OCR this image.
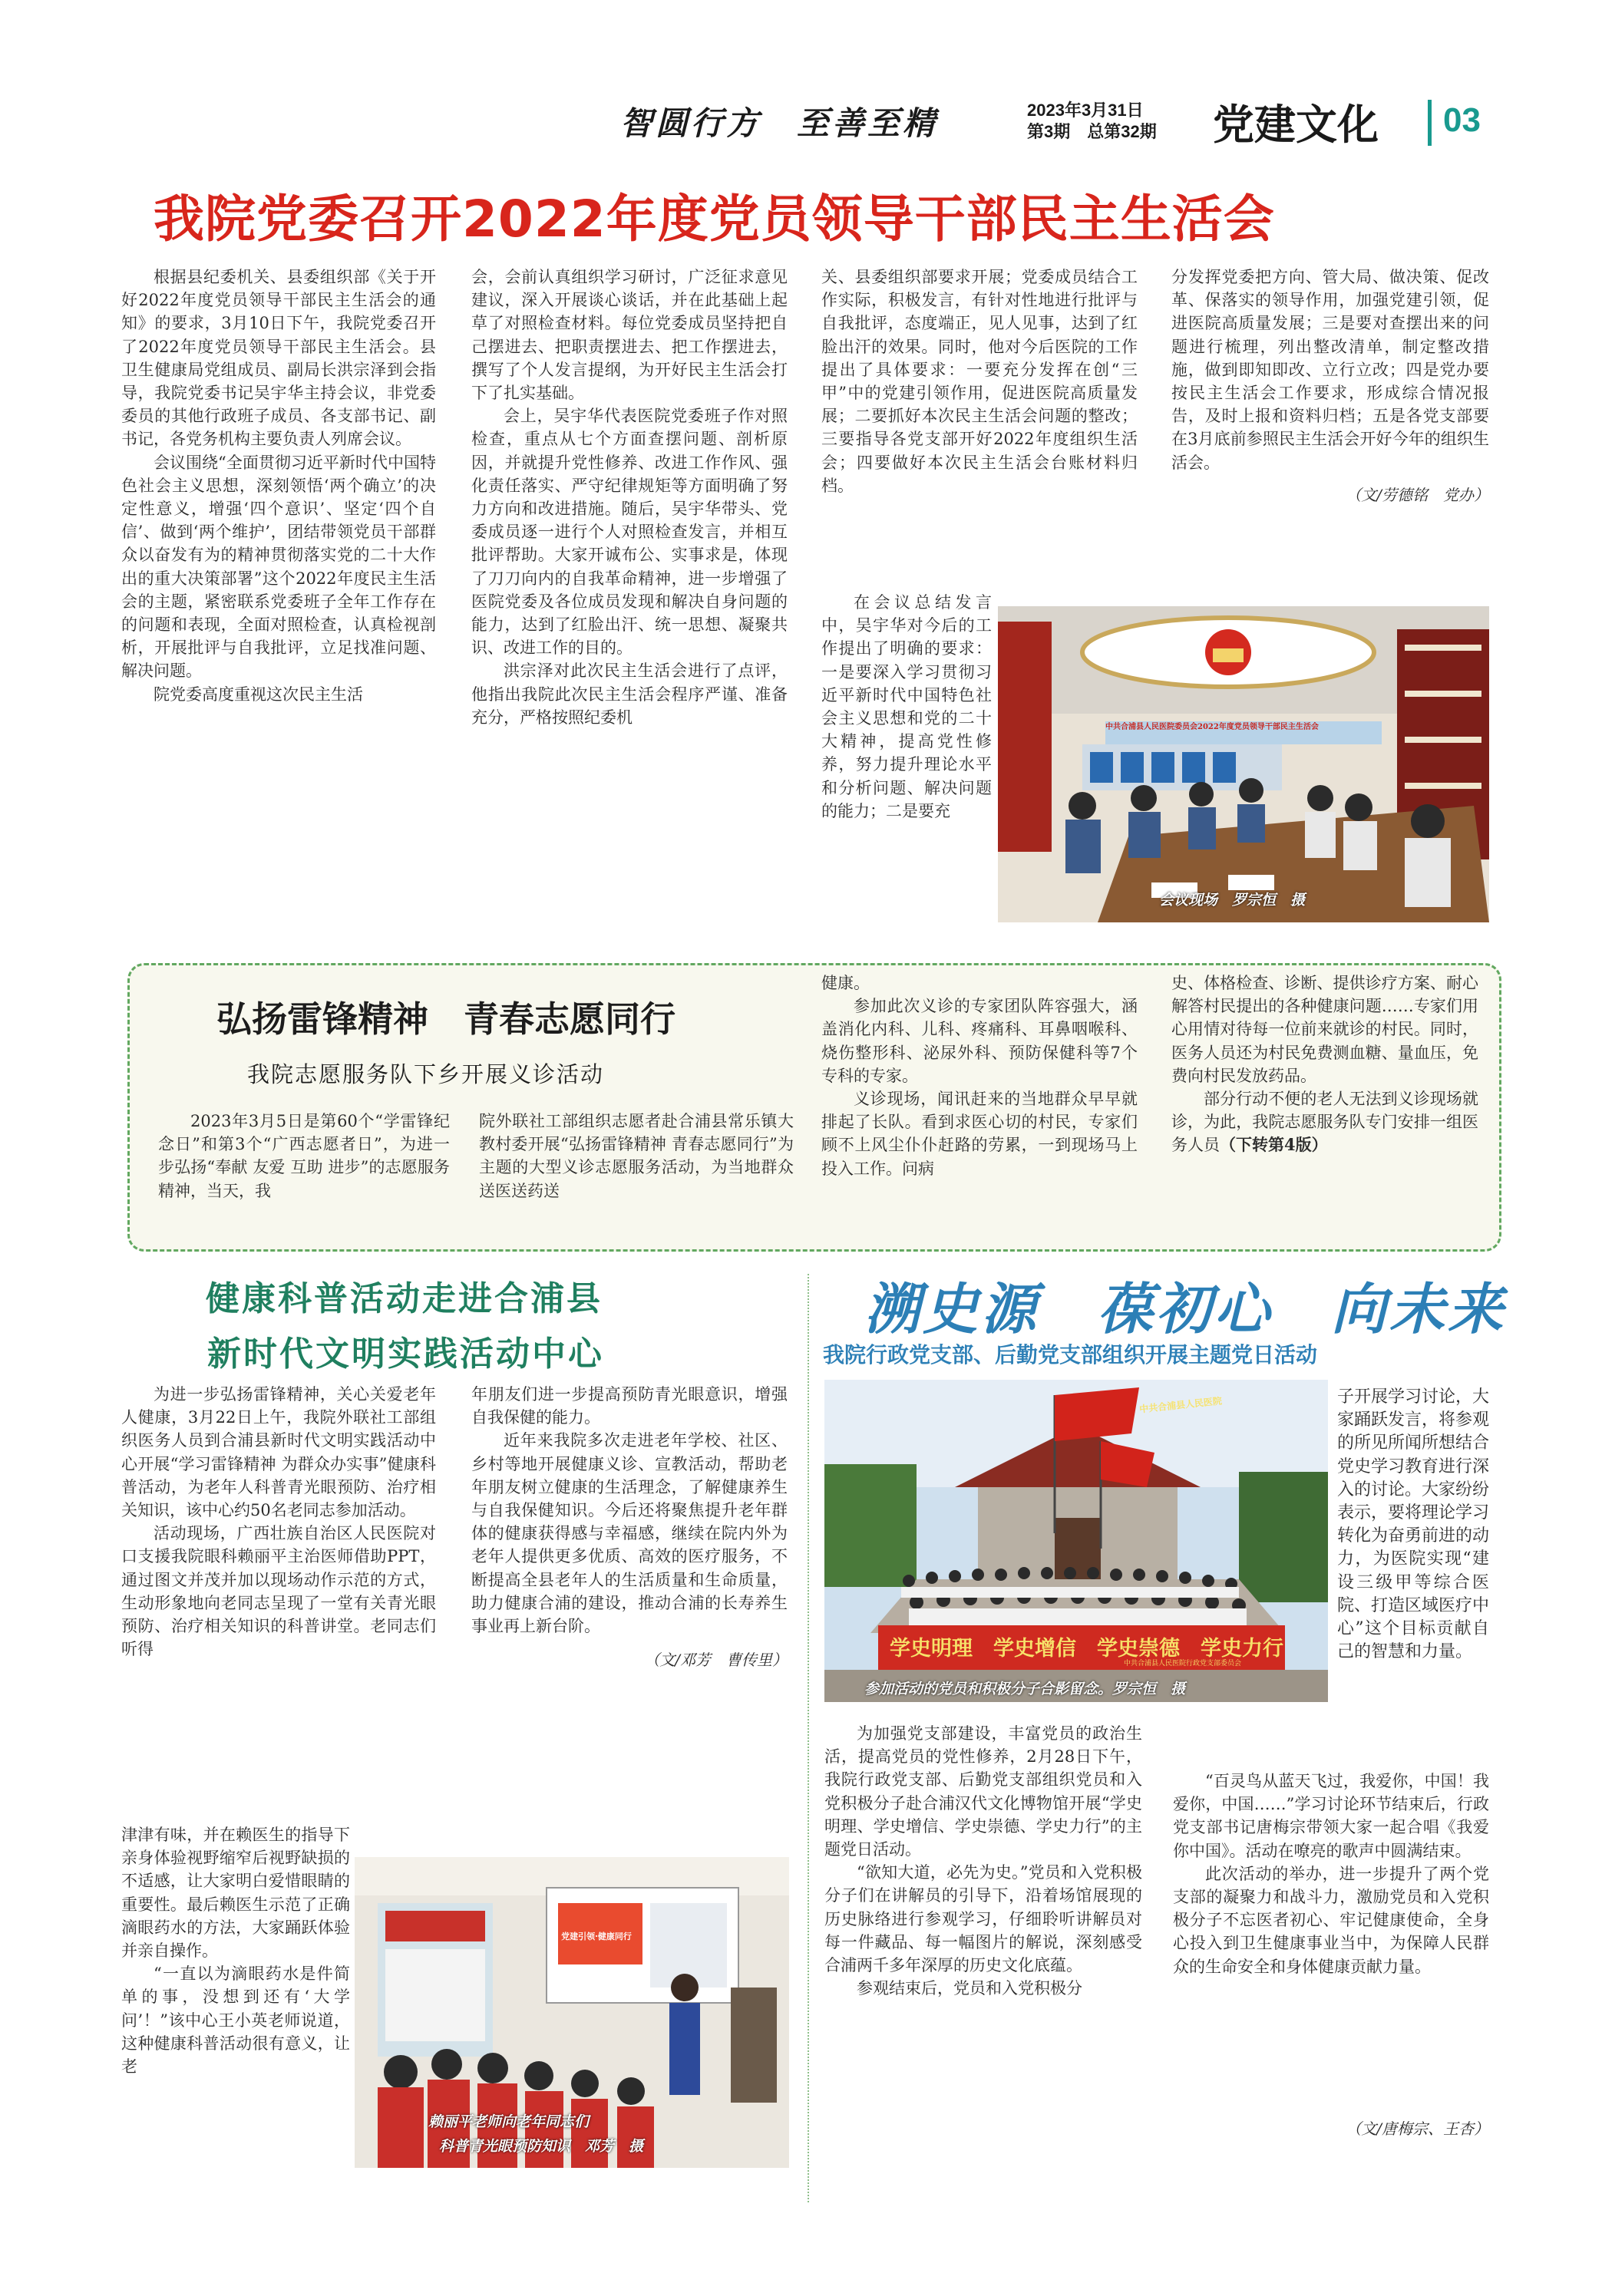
智圆行方　至善至精	2023年3月31日
第3期　总第32期 党建文化 03
我院党委召开2022年度党员领导干部民主生活会

根据县纪委机关、县委组织部《关于开好2022年度党员领导干部民主生活会的通知》的要求，3月10日下午，我院党委召开了2022年度党员领导干部民主生活会。县卫生健康局党组成员、副局长洪宗泽到会指导，我院党委书记吴宇华主持会议，非党委委员的其他行政班子成员、各支部书记、副书记，各党务机构主要负责人列席会议。

会议围绕“全面贯彻习近平新时代中国特色社会主义思想，深刻领悟‘两个确立’的决定性意义，增强‘四个意识’、坚定‘四个自信’、做到‘两个维护’，团结带领党员干部群众以奋发有为的精神贯彻落实党的二十大作出的重大决策部署”这个2022年度民主生活会的主题，紧密联系党委班子全年工作存在的问题和表现，全面对照检查，认真检视剖析，开展批评与自我批评，立足找准问题、解决问题。

院党委高度重视这次民主生活

会，会前认真组织学习研讨，广泛征求意见建议，深入开展谈心谈话，并在此基础上起草了对照检查材料。每位党委成员坚持把自己摆进去、把职责摆进去、把工作摆进去，撰写了个人发言提纲，为开好民主生活会打下了扎实基础。

会上，吴宇华代表医院党委班子作对照检查，重点从七个方面查摆问题、剖析原因，并就提升党性修养、改进工作作风、强化责任落实、严守纪律规矩等方面明确了努力方向和改进措施。随后，吴宇华带头、党委成员逐一进行个人对照检查发言，并相互批评帮助。大家开诚布公、实事求是，体现了刀刀向内的自我革命精神，进一步增强了医院党委及各位成员发现和解决自身问题的能力，达到了红脸出汗、统一思想、凝聚共识、改进工作的目的。

洪宗泽对此次民主生活会进行了点评，他指出我院此次民主生活会程序严谨、准备充分，严格按照纪委机

关、县委组织部要求开展；党委成员结合工作实际，积极发言，有针对性地进行批评与自我批评，态度端正，见人见事，达到了红脸出汗的效果。同时，他对今后医院的工作提出了具体要求：一要充分发挥在创“三甲”中的党建引领作用，促进医院高质量发展；二要抓好本次民主生活会问题的整改；三要指导各党支部开好2022年度组织生活会；四要做好本次民主生活会台账材料归档。

在会议总结发言中，吴宇华对今后的工作提出了明确的要求：一是要深入学习贯彻习近平新时代中国特色社会主义思想和党的二十大精神，提高党性修养，努力提升理论水平和分析问题、解决问题的能力；二是要充

分发挥党委把方向、管大局、做决策、促改革、保落实的领导作用，加强党建引领，促进医院高质量发展；三是要对查摆出来的问题进行梳理，列出整改清单，制定整改措施，做到即知即改、立行立改；四是党办要按民主生活会工作要求，形成综合情况报告，及时上报和资料归档；五是各党支部要在3月底前参照民主生活会开好今年的组织生活会。

（文/劳德铭　党办）

中共合浦县人民医院委员会2022年度党员领导干部民主生活会
会议现场　罗宗恒　摄
弘扬雷锋精神　青春志愿同行
我院志愿服务队下乡开展义诊活动

2023年3月5日是第60个“学雷锋纪念日”和第3个“广西志愿者日”，为进一步弘扬“奉献 友爱 互助 进步”的志愿服务精神，当天，我

院外联社工部组织志愿者赴合浦县常乐镇大教村委开展“弘扬雷锋精神 青春志愿同行”为主题的大型义诊志愿服务活动，为当地群众送医送药送

健康。

参加此次义诊的专家团队阵容强大，涵盖消化内科、儿科、疼痛科、耳鼻咽喉科、烧伤整形科、泌尿外科、预防保健科等7个专科的专家。

义诊现场，闻讯赶来的当地群众早早就排起了长队。看到求医心切的村民，专家们顾不上风尘仆仆赶路的劳累，一到现场马上投入工作。问病

史、体格检查、诊断、提供诊疗方案、耐心解答村民提出的各种健康问题……专家们用心用情对待每一位前来就诊的村民。同时，医务人员还为村民免费测血糖、量血压，免费向村民发放药品。

部分行动不便的老人无法到义诊现场就诊，为此，我院志愿服务队专门安排一组医务人员（下转第4版）

健康科普活动走进合浦县
新时代文明实践活动中心

为进一步弘扬雷锋精神，关心关爱老年人健康，3月22日上午，我院外联社工部组织医务人员到合浦县新时代文明实践活动中心开展“学习雷锋精神 为群众办实事”健康科普活动，为老年人科普青光眼预防、治疗相关知识，该中心约50名老同志参加活动。

活动现场，广西壮族自治区人民医院对口支援我院眼科赖丽平主治医师借助PPT，通过图文并茂并加以现场动作示范的方式，生动形象地向老同志呈现了一堂有关青光眼预防、治疗相关知识的科普讲堂。老同志们听得

年朋友们进一步提高预防青光眼意识，增强自我保健的能力。

近年来我院多次走进老年学校、社区、乡村等地开展健康义诊、宣教活动，帮助老年朋友树立健康的生活理念，了解健康养生与自我保健知识。今后还将聚焦提升老年群体的健康获得感与幸福感，继续在院内外为老年人提供更多优质、高效的医疗服务，不断提高全县老年人的生活质量和生命质量，助力健康合浦的建设，推动合浦的长寿养生事业再上新台阶。

（文/邓芳　曹传里）

津津有味，并在赖医生的指导下亲身体验视野缩窄后视野缺损的不适感，让大家明白爱惜眼睛的重要性。最后赖医生示范了正确滴眼药水的方法，大家踊跃体验并亲自操作。

“一直以为滴眼药水是件简单的事，没想到还有‘大学问’！”该中心王小英老师说道，这种健康科普活动很有意义，让老

党建引领·健康同行
赖丽平老师向老年同志们
科普青光眼预防知识　邓芳　摄
溯史源　葆初心　向未来
我院行政党支部、后勤党支部组织开展主题党日活动
学史明理　学史增信　学史崇德　学史力行
中共合浦县人民医院行政党支部委员会
中共合浦县人民医院
参加活动的党员和积极分子合影留念。罗宗恒　摄

子开展学习讨论，大家踊跃发言，将参观的所见所闻所想结合党史学习教育进行深入的讨论。大家纷纷表示，要将理论学习转化为奋勇前进的动力，为医院实现“建设三级甲等综合医院、打造区域医疗中心”这个目标贡献自己的智慧和力量。

为加强党支部建设，丰富党员的政治生活，提高党员的党性修养，2月28日下午，我院行政党支部、后勤党支部组织党员和入党积极分子赴合浦汉代文化博物馆开展“学史明理、学史增信、学史崇德、学史力行”的主题党日活动。

“欲知大道，必先为史。”党员和入党积极分子们在讲解员的引导下，沿着场馆展现的历史脉络进行参观学习，仔细聆听讲解员对每一件藏品、每一幅图片的解说，深刻感受合浦两千多年深厚的历史文化底蕴。

参观结束后，党员和入党积极分

“百灵鸟从蓝天飞过，我爱你，中国！我爱你，中国……”学习讨论环节结束后，行政党支部书记唐梅宗带领大家一起合唱《我爱你中国》。活动在嘹亮的歌声中圆满结束。

此次活动的举办，进一步提升了两个党支部的凝聚力和战斗力，激励党员和入党积极分子不忘医者初心、牢记健康使命，全身心投入到卫生健康事业当中，为保障人民群众的生命安全和身体健康贡献力量。

（文/唐梅宗、王杏）
